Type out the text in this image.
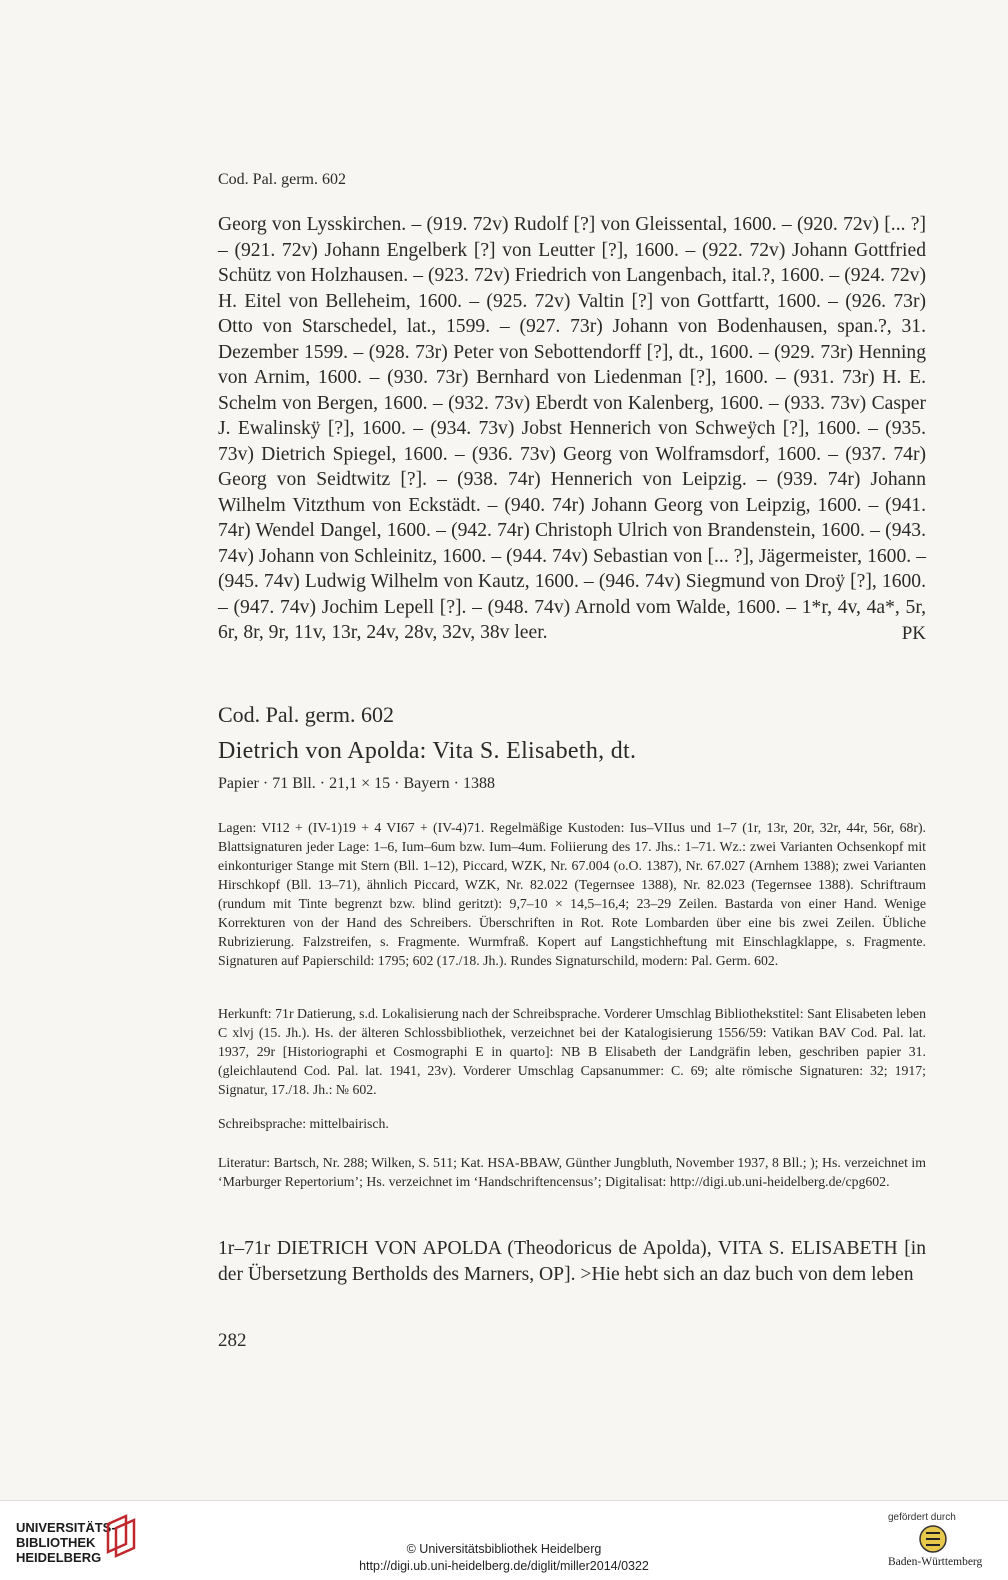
Cod. Pal. germ. 602
Georg von Lysskirchen. – (919. 72v) Rudolf [?] von Gleissental, 1600. – (920. 72v) [... ?] – (921. 72v) Johann Engelberk [?] von Leutter [?], 1600. – (922. 72v) Johann Gottfried Schütz von Holzhausen. – (923. 72v) Friedrich von Langenbach, ital.?, 1600. – (924. 72v) H. Eitel von Belleheim, 1600. – (925. 72v) Valtin [?] von Gottfartt, 1600. – (926. 73r) Otto von Starschedel, lat., 1599. – (927. 73r) Johann von Bodenhausen, span.?, 31. Dezember 1599. – (928. 73r) Peter von Sebottendorff [?], dt., 1600. – (929. 73r) Henning von Arnim, 1600. – (930. 73r) Bernhard von Liedenman [?], 1600. – (931. 73r) H. E. Schelm von Bergen, 1600. – (932. 73v) Eberdt von Kalenberg, 1600. – (933. 73v) Casper J. Ewalinskÿ [?], 1600. – (934. 73v) Jobst Hennerich von Schweÿch [?], 1600. – (935. 73v) Dietrich Spiegel, 1600. – (936. 73v) Georg von Wolframsdorf, 1600. – (937. 74r) Georg von Seidtwitz [?]. – (938. 74r) Hennerich von Leipzig. – (939. 74r) Johann Wilhelm Vitzthum von Eckstädt. – (940. 74r) Johann Georg von Leipzig, 1600. – (941. 74r) Wendel Dangel, 1600. – (942. 74r) Christoph Ulrich von Brandenstein, 1600. – (943. 74v) Johann von Schleinitz, 1600. – (944. 74v) Sebastian von [... ?], Jägermeister, 1600. – (945. 74v) Ludwig Wilhelm von Kautz, 1600. – (946. 74v) Siegmund von Droÿ [?], 1600. – (947. 74v) Jochim Lepell [?]. – (948. 74v) Arnold vom Walde, 1600. – 1*r, 4v, 4a*, 5r, 6r, 8r, 9r, 11v, 13r, 24v, 28v, 32v, 38v leer.	PK
Cod. Pal. germ. 602
Dietrich von Apolda: Vita S. Elisabeth, dt.
Papier · 71 Bll. · 21,1 × 15 · Bayern · 1388
Lagen: VI12 + (IV-1)19 + 4 VI67 + (IV-4)71. Regelmäßige Kustoden: Ius–VIIus und 1–7 (1r, 13r, 20r, 32r, 44r, 56r, 68r). Blattsignaturen jeder Lage: 1–6, Ium–6um bzw. Ium–4um. Foliierung des 17. Jhs.: 1–71. Wz.: zwei Varianten Ochsenkopf mit einkonturiger Stange mit Stern (Bll. 1–12), Piccard, WZK, Nr. 67.004 (o.O. 1387), Nr. 67.027 (Arnhem 1388); zwei Varianten Hirschkopf (Bll. 13–71), ähnlich Piccard, WZK, Nr. 82.022 (Tegernsee 1388), Nr. 82.023 (Tegernsee 1388). Schriftraum (rundum mit Tinte begrenzt bzw. blind geritzt): 9,7–10 × 14,5–16,4; 23–29 Zeilen. Bastarda von einer Hand. Wenige Korrekturen von der Hand des Schreibers. Überschriften in Rot. Rote Lombarden über eine bis zwei Zeilen. Übliche Rubrizierung. Falzstreifen, s. Fragmente. Wurmfraß. Kopert auf Langstichheftung mit Einschlagklappe, s. Fragmente. Signaturen auf Papierschild: 1795; 602 (17./18. Jh.). Rundes Signaturschild, modern: Pal. Germ. 602.
Herkunft: 71r Datierung, s.d. Lokalisierung nach der Schreibsprache. Vorderer Umschlag Bibliothekstitel: Sant Elisabeten leben C xlvj (15. Jh.). Hs. der älteren Schlossbibliothek, verzeichnet bei der Katalogisierung 1556/59: Vatikan BAV Cod. Pal. lat. 1937, 29r [Historiographi et Cosmographi E in quarto]: NB B Elisabeth der Landgräfin leben, geschriben papier 31. (gleichlautend Cod. Pal. lat. 1941, 23v). Vorderer Umschlag Capsanummer: C. 69; alte römische Signaturen: 32; 1917; Signatur, 17./18. Jh.: № 602.
Schreibsprache: mittelbairisch.
Literatur: Bartsch, Nr. 288; Wilken, S. 511; Kat. HSA-BBAW, Günther Jungbluth, November 1937, 8 Bll.; ); Hs. verzeichnet im ‘Marburger Repertorium’; Hs. verzeichnet im ‘Handschriftencensus’; Digitalisat: http://digi.ub.uni-heidelberg.de/cpg602.
1r–71r DIETRICH VON APOLDA (Theodoricus de Apolda), VITA S. ELISABETH [in der Übersetzung Bertholds des Marners, OP]. >Hie hebt sich an daz buch von dem leben
282
UNIVERSITÄTS-
BIBLIOTHEK
HEIDELBERG
© Universitätsbibliothek Heidelberg
http://digi.ub.uni-heidelberg.de/diglit/miller2014/0322
gefördert durch
Baden-Württemberg
